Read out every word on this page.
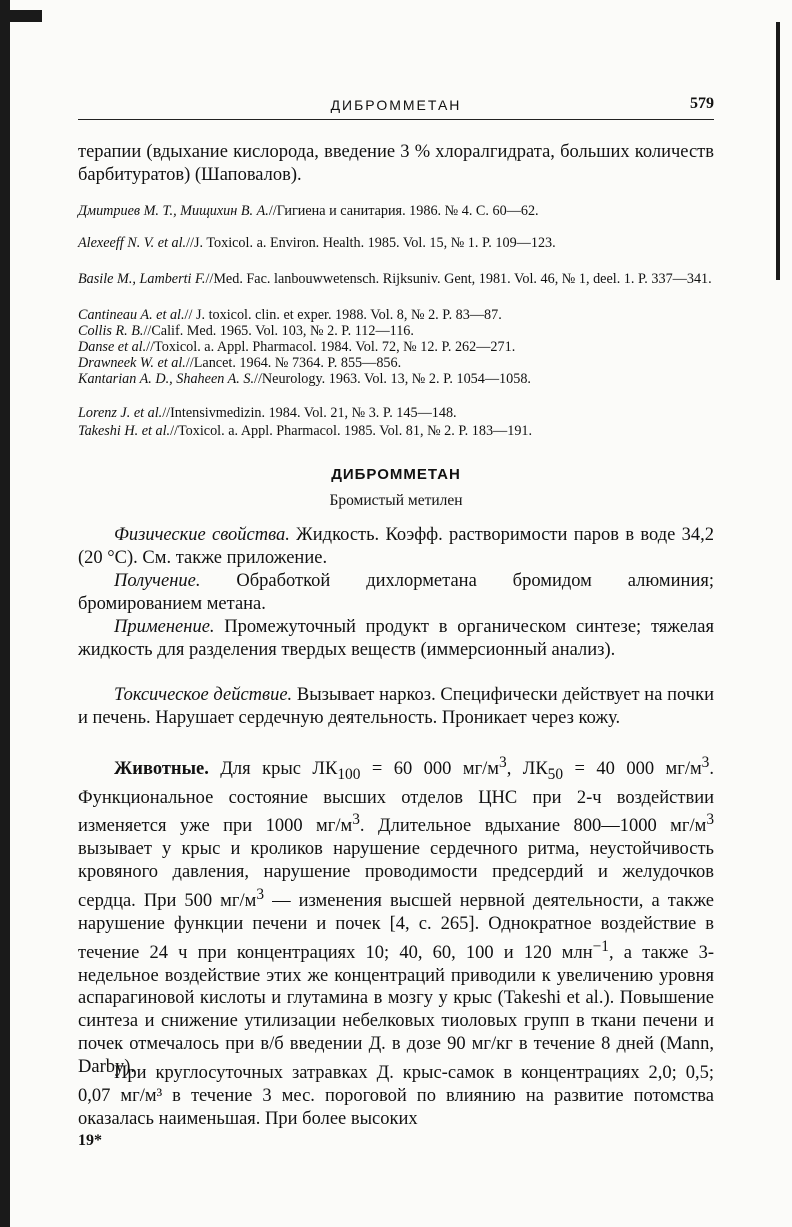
ДИБРОММЕТАН	579

терапии (вдыхание кислорода, введение 3 % хлоралгидрата, больших количеств барбитуратов) (Шаповалов).

Дмитриев М. Т., Мищихин В. А.//Гигиена и санитария. 1986. № 4. С. 60—62.

Alexeeff N. V. et al.//J. Toxicol. a. Environ. Health. 1985. Vol. 15, № 1. P. 109—123.

Basile M., Lamberti F.//Med. Fac. lanbouwwetensch. Rijksuniv. Gent, 1981. Vol. 46, № 1, deel. 1. P. 337—341.

Cantineau A. et al.// J. toxicol. clin. et exper. 1988. Vol. 8, № 2. P. 83—87.

Collis R. B.//Calif. Med. 1965. Vol. 103, № 2. P. 112—116.

Danse et al.//Toxicol. a. Appl. Pharmacol. 1984. Vol. 72, № 12. P. 262—271.

Drawneek W. et al.//Lancet. 1964. № 7364. P. 855—856.

Kantarian A. D., Shaheen A. S.//Neurology. 1963. Vol. 13, № 2. P. 1054—1058.

Lorenz J. et al.//Intensivmedizin. 1984. Vol. 21, № 3. P. 145—148.

Takeshi H. et al.//Toxicol. a. Appl. Pharmacol. 1985. Vol. 81, № 2. P. 183—191.

ДИБРОММЕТАН

Бромистый метилен

Физические свойства. Жидкость. Коэфф. растворимости паров в воде 34,2 (20 °С). См. также приложение.

Получение. Обработкой дихлорметана бромидом алюминия; бромированием метана.

Применение. Промежуточный продукт в органическом синтезе; тяжелая жидкость для разделения твердых веществ (иммерсионный анализ).

Токсическое действие. Вызывает наркоз. Специфически действует на почки и печень. Нарушает сердечную деятельность. Проникает через кожу.

Животные. Для крыс $ЛК_{100} = 60$ 000 $мг/м^3$, $ЛК_{50} = 40$ 000 $мг/м^3$. Функциональное состояние высших отделов ЦНС при 2-ч воздействии изменяется уже при 1000 $мг/м^3$. Длительное вдыхание 800—1000 $мг/м^3$ вызывает у крыс и кроликов нарушение сердечного ритма, неустойчивость кровяного давления, нарушение проводимости предсердий и желудочков сердца. При 500 $мг/м^3$ — изменения высшей нервной деятельности, а также нарушение функции печени и почек [4, с. 265]. Однократное воздействие в течение 24 ч при концентрациях 10; 40, 60, 100 и 120 млн$^{-1}$, а также 3-недельное воздействие этих же концентраций приводили к увеличению уровня аспарагиновой кислоты и глутамина в мозгу у крыс (Takeshi et al.). Повышение синтеза и снижение утилизации небелковых тиоловых групп в ткани печени и почек отмечалось при в/б введении Д. в дозе 90 мг/кг в течение 8 дней (Mann, Darby).

При круглосуточных затравках Д. крыс-самок в концентрациях 2,0; 0,5; 0,07 мг/м³ в течение 3 мес. пороговой по влиянию на развитие потомства оказалась наименьшая. При более высоких

19*
